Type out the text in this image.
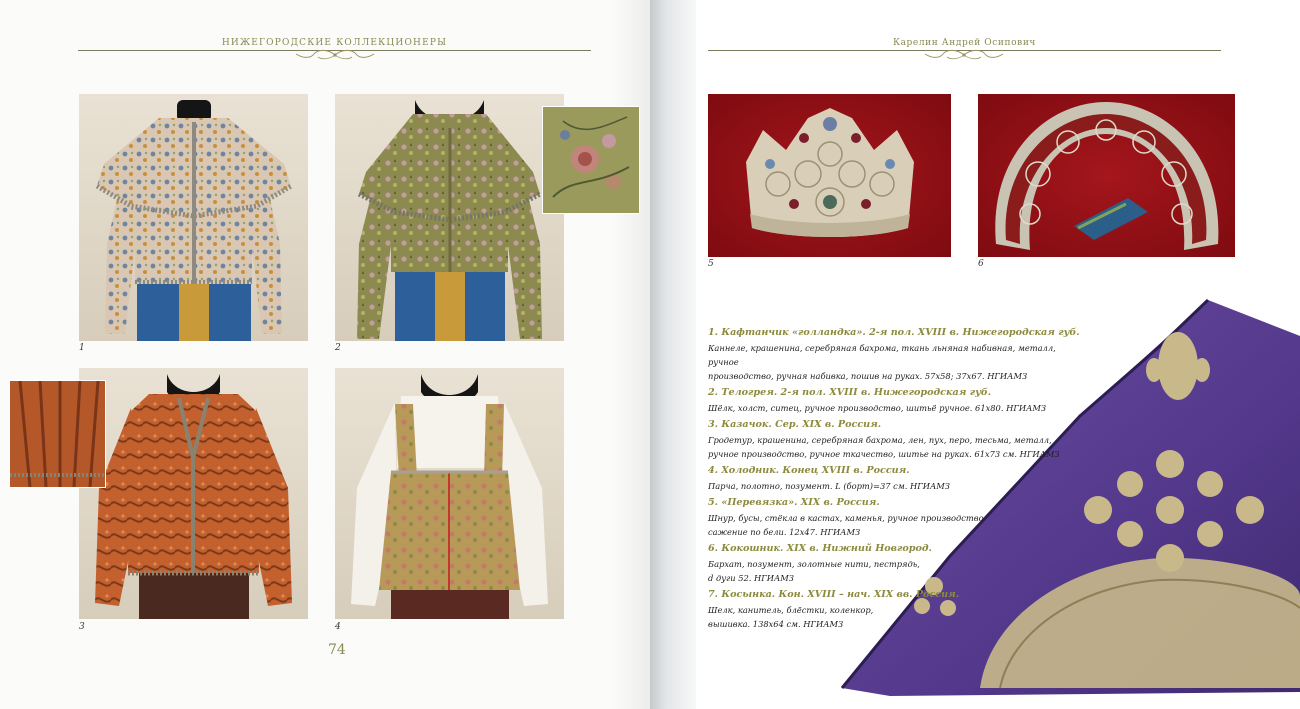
НИЖЕГОРОДСКИЕ КОЛЛЕКЦИОНЕРЫ	Карелин Андрей Осипович
1	2
3	4
74
5	6
1. Кафтанчик «голландка». 2-я пол. XVIII в. Нижегородская губ.
Каннеле, крашенина, серебряная бахрома, ткань льняная набивная, металл, ручное
производство, ручная набивка, пошив на руках. 57x58; 37x67. НГИАМЗ
2. Телогрея. 2-я пол. XVIII в. Нижегородская губ.
Шёлк, холст, ситец, ручное производство, шитьё ручное. 61x80. НГИАМЗ
3. Казачок. Сер. XIX в. Россия.
Гродетур, крашенина, серебряная бахрома, лен, пух, перо, тесьма, металл,
ручное производство, ручное ткачество, шитье на руках. 61x73 см. НГИАМЗ
4. Холодник. Конец XVIII в. Россия.
Парча, полотно, позумент. L (борт)=37 см. НГИАМЗ
5. «Перевязка». XIX в. Россия.
Шнур, бусы, стёкла в кастах, каменья, ручное производство
сажение по бели. 12x47. НГИАМЗ
6. Кокошник. XIX в. Нижний Новгород.
Бархат, позумент, золотные нити, пестрядь,
d дуги 52. НГИАМЗ
7. Косынка. Кон. XVIII – нач. XIX вв. Россия.
Шелк, канитель, блёстки, коленкор,
вышивка. 138x64 см. НГИАМЗ
